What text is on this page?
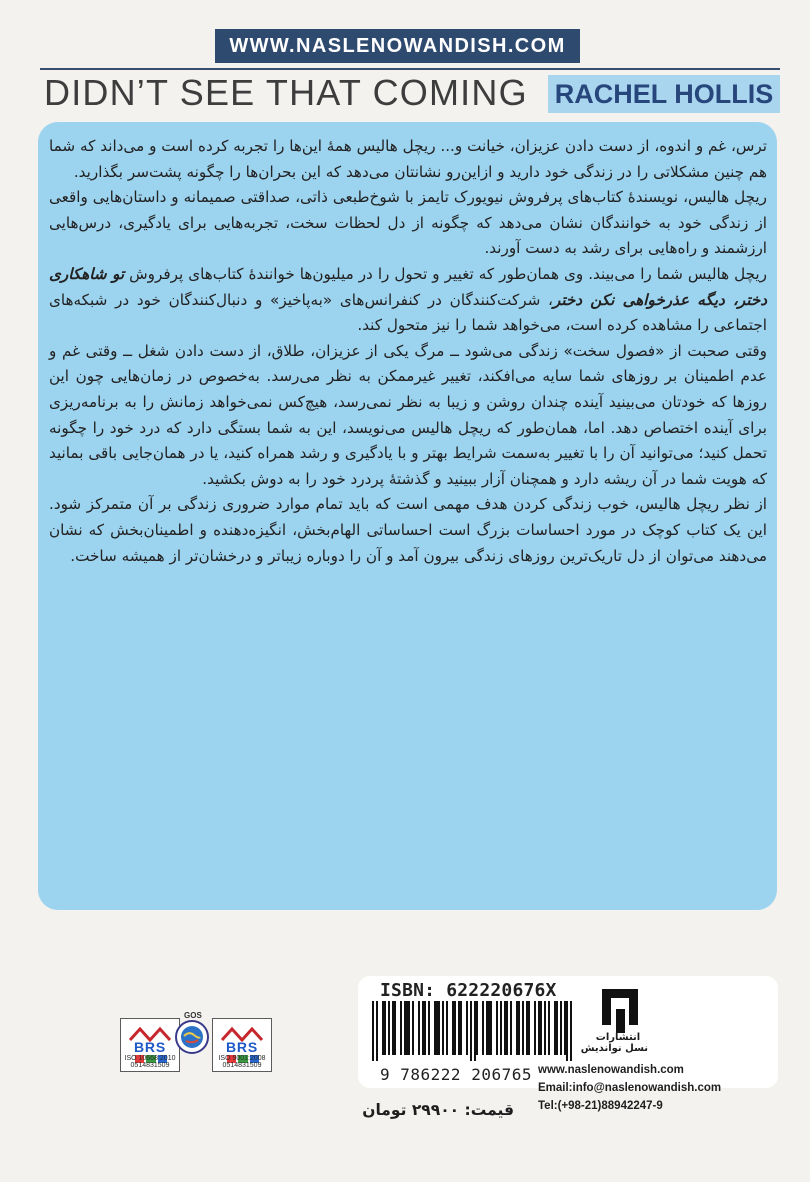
WWW.NASLENOWANDISH.COM
DIDN’T SEE THAT COMING RACHEL HOLLIS

ترس، غم و اندوه، از دست دادن عزیزان، خیانت و... ریچل هالیس همهٔ این‌ها را تجربه کرده است و می‌داند که شما هم چنین مشکلاتی را در زندگی خود دارید و ازاین‌رو نشانتان می‌دهد که این بحران‌ها را چگونه پشت‌سر بگذارید.

ریچل هالیس، نویسندهٔ کتاب‌های پرفروش نیویورک تایمز با شوخ‌طبعی ذاتی، صداقتی صمیمانه و داستان‌هایی واقعی از زندگی خود به خوانندگان نشان می‌دهد که چگونه از دل لحظات سخت، تجربه‌هایی برای یادگیری، درس‌هایی ارزشمند و راه‌هایی برای رشد به دست آورند.

ریچل هالیس شما را می‌بیند. وی همان‌طور که تغییر و تحول را در میلیون‌ها خوانندهٔ کتاب‌های پرفروش تو شاهکاری دختر، دیگه عذرخواهی نکن دختر، شرکت‌کنندگان در کنفرانس‌های «به‌پاخیز» و دنبال‌کنندگان خود در شبکه‌های اجتماعی را مشاهده کرده است، می‌خواهد شما را نیز متحول کند.

وقتی صحبت از «فصول سخت» زندگی می‌شود ــ مرگ یکی از عزیزان، طلاق، از دست دادن شغل ــ وقتی غم و عدم اطمینان بر روزهای شما سایه می‌افکند، تغییر غیرممکن به نظر می‌رسد. به‌خصوص در زمان‌هایی چون این روزها که خودتان می‌بینید آینده چندان روشن و زیبا به نظر نمی‌رسد، هیچ‌کس نمی‌خواهد زمانش را به برنامه‌ریزی برای آینده اختصاص دهد. اما، همان‌طور که ریچل هالیس می‌نویسد، این به شما بستگی دارد که درد خود را چگونه تحمل کنید؛ می‌توانید آن را با تغییر به‌سمت شرایط بهتر و با یادگیری و رشد همراه کنید، یا در همان‌جایی باقی بمانید که هویت شما در آن ریشه دارد و همچنان آزار ببینید و گذشتهٔ پردرد خود را به دوش بکشید.

از نظر ریچل هالیس، خوب زندگی کردن هدف مهمی است که باید تمام موارد ضروری زندگی بر آن متمرکز شود. این یک کتاب کوچک در مورد احساسات بزرگ است احساساتی الهام‌بخش، انگیزه‌دهنده و اطمینان‌بخش که نشان می‌دهند می‌توان از دل تاریک‌ترین روزهای زندگی بیرون آمد و آن را دوباره زیباتر و درخشان‌تر از همیشه ساخت.

ISBN: 622220676X
9 786222 206765
انتشارات
نسل نواندیش
www.naslenowandish.com
Email:info@naslenowandish.com
Tel:(+98-21)88942247-9
قیمت: ۲۹۹۰۰ تومان
BRS
ISO 10668:2010
0514831509
GOS
BRS
ISO 9001:2008
0514831509
